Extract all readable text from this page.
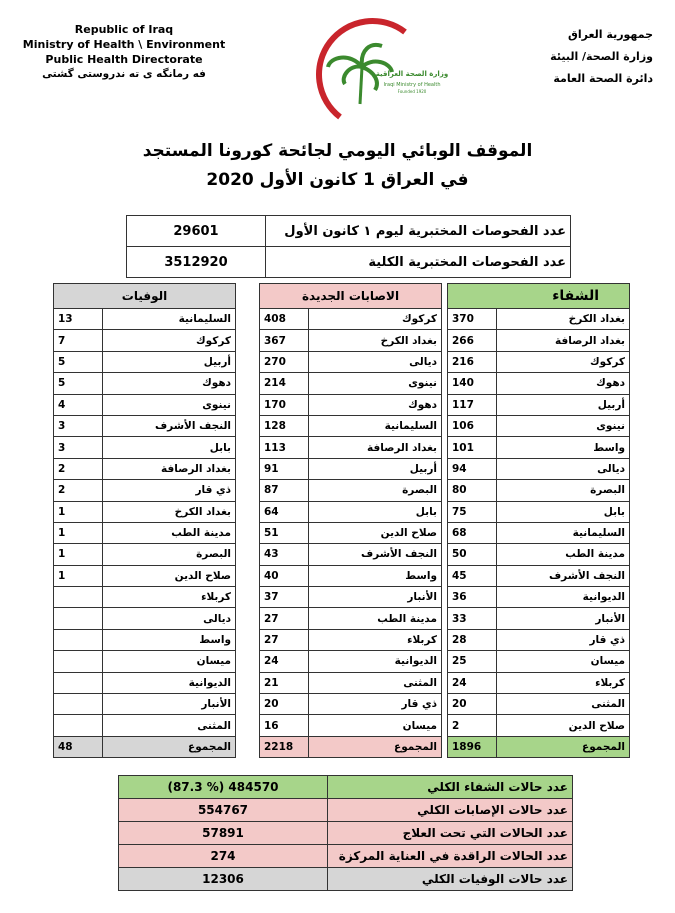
Republic of Iraq
Ministry of Health \ Environment
Public Health Directorate
فه رمانگه ی ته ندروستی گشتی	وزارة الصحة العراقية
Iraqi Ministry of Health
Founded 1920
جمهورية العراق
وزارة الصحة/ البيئة
دائرة الصحة العامة
الموقف الوبائي اليومي لجائحة كورونا المستجد
في العراق 1 كانون الأول 2020
29601	عدد الفحوصات المختبرية ليوم ١ كانون الأول
3512920	عدد الفحوصات المختبرية الكلية
الوفيات	
13	السليمانية
7	كركوك
5	أربيل
5	دهوك
4	نينوى
3	النجف الأشرف
3	بابل
2	بغداد الرصافة
2	ذي قار
1	بغداد الكرخ
1	مدينة الطب
1	البصرة
1	صلاح الدين
	كربلاء
	ديالى
	واسط
	ميسان
	الديوانية
	الأنبار
	المثنى
48	المجموع
الاصابات الجديدة	
408	كركوك
367	بغداد الكرخ
270	ديالى
214	نينوى
170	دهوك
128	السليمانية
113	بغداد الرصافة
91	أربيل
87	البصرة
64	بابل
51	صلاح الدين
43	النجف الأشرف
40	واسط
37	الأنبار
27	مدينة الطب
27	كربلاء
24	الديوانية
21	المثنى
20	ذي قار
16	ميسان
2218	المجموع
الشفاء	
370	بغداد الكرخ
266	بغداد الرصافة
216	كركوك
140	دهوك
117	أربيل
106	نينوى
101	واسط
94	ديالى
80	البصرة
75	بابل
68	السليمانية
50	مدينة الطب
45	النجف الأشرف
36	الديوانية
33	الأنبار
28	ذي قار
25	ميسان
24	كربلاء
20	المثنى
2	صلاح الدين
1896	المجموع
(87.3 %) 484570	عدد حالات الشفاء الكلي
554767	عدد حالات الإصابات الكلي
57891	عدد الحالات التي تحت العلاج
274	عدد الحالات الراقدة في العناية المركزة
12306	عدد حالات الوفيات الكلي
